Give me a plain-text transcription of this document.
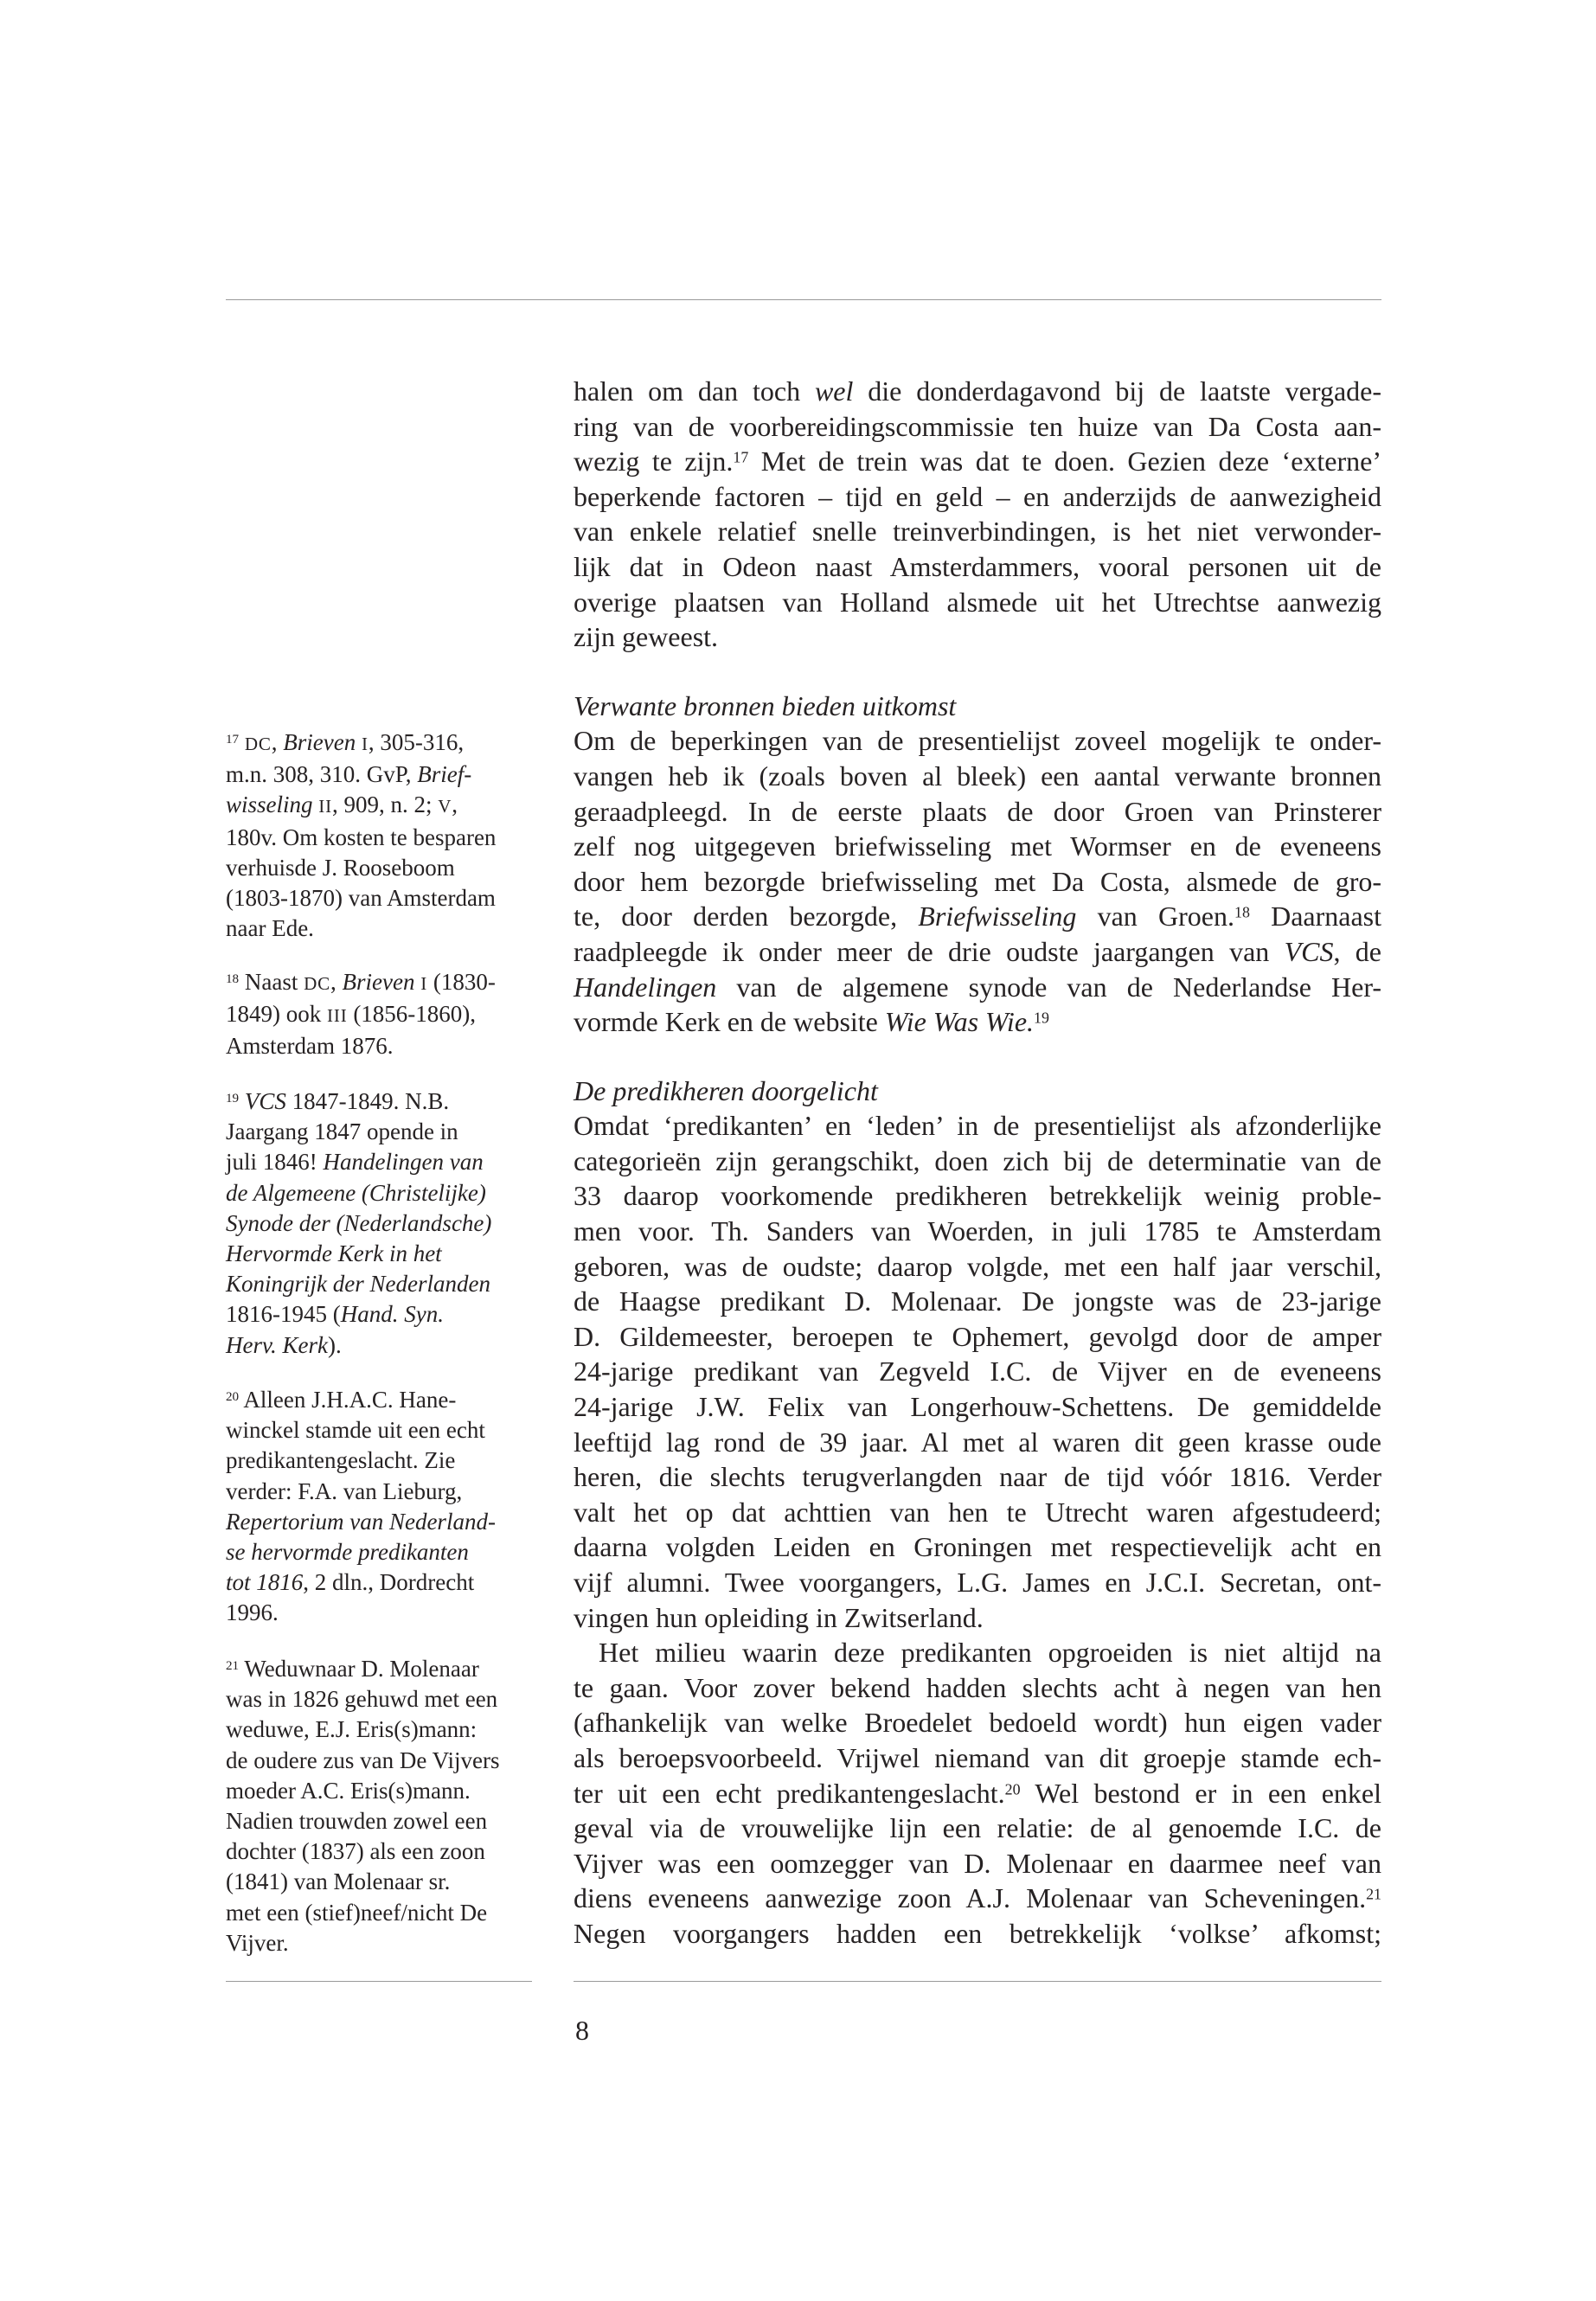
$^{17}$ DC, Brieven I, 305-316,
m.n. 308, 310. GvP, Brief-
wisseling II, 909, n. 2; V,
180v. Om kosten te besparen
verhuisde J. Rooseboom
(1803-1870) van Amsterdam
naar Ede.
$^{18}$ Naast DC, Brieven I (1830-
1849) ook III (1856-1860),
Amsterdam 1876.
$^{19}$ VCS 1847-1849. N.B.
Jaargang 1847 opende in
juli 1846! Handelingen van
de Algemeene (Christelijke)
Synode der (Nederlandsche)
Hervormde Kerk in het
Koningrijk der Nederlanden
1816-1945 (Hand. Syn.
Herv. Kerk).
$^{20}$ Alleen J.H.A.C. Hane-
winckel stamde uit een echt
predikantengeslacht. Zie
verder: F.A. van Lieburg,
Repertorium van Nederland-
se hervormde predikanten
tot 1816, 2 dln., Dordrecht
1996.
$^{21}$ Weduwnaar D. Molenaar
was in 1826 gehuwd met een
weduwe, E.J. Eris(s)mann:
de oudere zus van De Vijvers
moeder A.C. Eris(s)mann.
Nadien trouwden zowel een
dochter (1837) als een zoon
(1841) van Molenaar sr.
met een (stief)neef/nicht De
Vijver.
halen om dan toch wel die donderdagavond bij de laatste vergade-
ring van de voorbereidingscommissie ten huize van Da Costa aan-
wezig te zijn.$^{17}$ Met de trein was dat te doen. Gezien deze ‘externe’
beperkende factoren – tijd en geld – en anderzijds de aanwezigheid
van enkele relatief snelle treinverbindingen, is het niet verwonder-
lijk dat in Odeon naast Amsterdammers, vooral personen uit de
overige plaatsen van Holland alsmede uit het Utrechtse aanwezig
zijn geweest.
Verwante bronnen bieden uitkomst
Om de beperkingen van de presentielijst zoveel mogelijk te onder-
vangen heb ik (zoals boven al bleek) een aantal verwante bronnen
geraadpleegd. In de eerste plaats de door Groen van Prinsterer
zelf nog uitgegeven briefwisseling met Wormser en de eveneens
door hem bezorgde briefwisseling met Da Costa, alsmede de gro-
te, door derden bezorgde, Briefwisseling van Groen.$^{18}$ Daarnaast
raadpleegde ik onder meer de drie oudste jaargangen van VCS, de
Handelingen van de algemene synode van de Nederlandse Her-
vormde Kerk en de website Wie Was Wie.$^{19}$
De predikheren doorgelicht
Omdat ‘predikanten’ en ‘leden’ in de presentielijst als afzonderlijke
categorieën zijn gerangschikt, doen zich bij de determinatie van de
33 daarop voorkomende predikheren betrekkelijk weinig proble-
men voor. Th. Sanders van Woerden, in juli 1785 te Amsterdam
geboren, was de oudste; daarop volgde, met een half jaar verschil,
de Haagse predikant D. Molenaar. De jongste was de 23-jarige
D. Gildemeester, beroepen te Ophemert, gevolgd door de amper
24-jarige predikant van Zegveld I.C. de Vijver en de eveneens
24-jarige J.W. Felix van Longerhouw-Schettens. De gemiddelde
leeftijd lag rond de 39 jaar. Al met al waren dit geen krasse oude
heren, die slechts terugverlangden naar de tijd vóór 1816. Verder
valt het op dat achttien van hen te Utrecht waren afgestudeerd;
daarna volgden Leiden en Groningen met respectievelijk acht en
vijf alumni. Twee voorgangers, L.G. James en J.C.I. Secretan, ont-
vingen hun opleiding in Zwitserland.
Het milieu waarin deze predikanten opgroeiden is niet altijd na
te gaan. Voor zover bekend hadden slechts acht à negen van hen
(afhankelijk van welke Broedelet bedoeld wordt) hun eigen vader
als beroepsvoorbeeld. Vrijwel niemand van dit groepje stamde ech-
ter uit een echt predikantengeslacht.$^{20}$ Wel bestond er in een enkel
geval via de vrouwelijke lijn een relatie: de al genoemde I.C. de
Vijver was een oomzegger van D. Molenaar en daarmee neef van
diens eveneens aanwezige zoon A.J. Molenaar van Scheveningen.$^{21}$
Negen voorgangers hadden een betrekkelijk ‘volkse’ afkomst;
8
